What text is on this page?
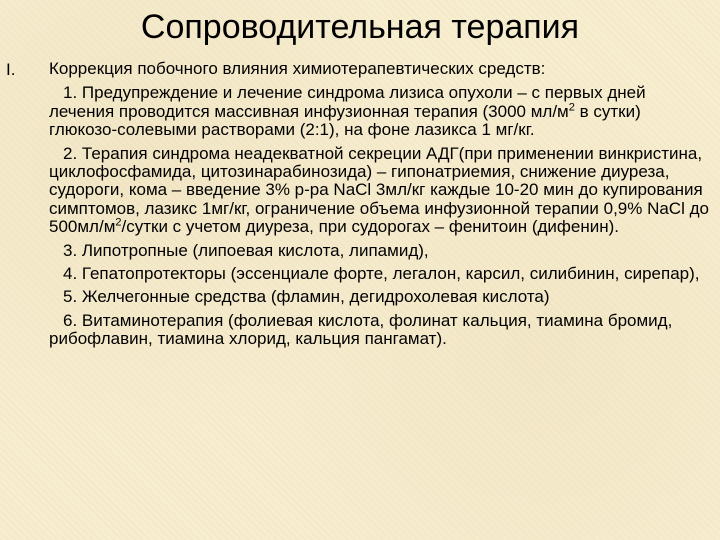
Сопроводительная терапия
I. Коррекция побочного влияния химиотерапевтических средств:
1. Предупреждение и лечение синдрома лизиса опухоли – с первых дней лечения проводится массивная инфузионная терапия (3000 $мл/м^2$ в сутки) глюкозо-солевыми растворами (2:1), на фоне лазикса 1 мг/кг.
2. Терапия синдрома неадекватной секреции АДГ(при применении винкристина, циклофосфамида, цитозинарабинозида) – гипонатриемия, снижение диуреза, судороги, кома – введение 3% р-ра NaCl 3мл/кг каждые 10-20 мин до купирования симптомов, лазикс 1мг/кг, ограничение объема инфузионной терапии 0,9% NaCl до $500мл/м^2$/сутки с учетом диуреза, при судорогах – фенитоин (дифенин).
3. Липотропные (липоевая кислота, липамид),
4. Гепатопротекторы (эссенциале форте, легалон, карсил, силибинин, сирепар),
5. Желчегонные средства (фламин, дегидрохолевая кислота)
6. Витаминотерапия (фолиевая кислота, фолинат кальция, тиамина бромид, рибофлавин, тиамина хлорид, кальция пангамат).
